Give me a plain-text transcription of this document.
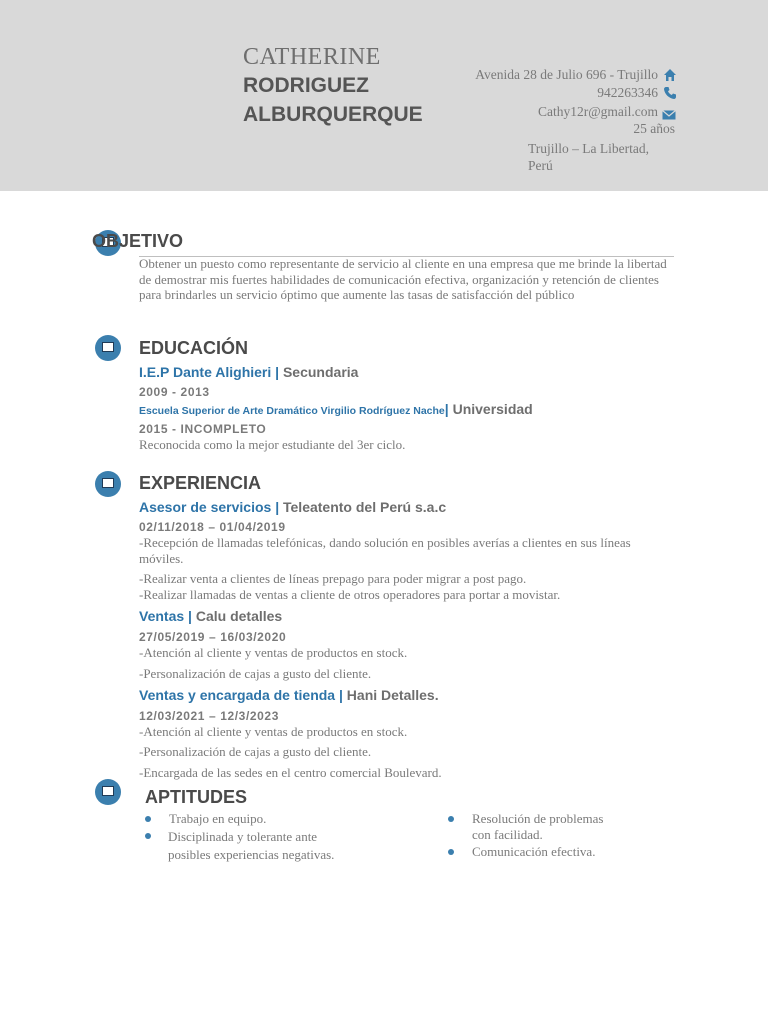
CATHERINE
RODRIGUEZ
ALBURQUERQUE
Avenida 28 de Julio 696 - Trujillo
942263346
Cathy12r@gmail.com
25 años
Trujillo – La Libertad,
Perú
OBJETIVO
Obtener un puesto como representante de servicio al cliente en una empresa que me brinde la libertad de demostrar mis fuertes habilidades de comunicación efectiva, organización y retención de clientes para brindarles un servicio óptimo que aumente las tasas de satisfacción del público
EDUCACIÓN
I.E.P Dante Alighieri | Secundaria
2009 - 2013
Escuela Superior de Arte Dramático Virgilio Rodríguez Nache| Universidad
2015 - INCOMPLETO
Reconocida como la mejor estudiante del 3er ciclo.
EXPERIENCIA
Asesor de servicios | Teleatento del Perú s.a.c
02/11/2018 – 01/04/2019
-Recepción de llamadas telefónicas, dando solución en posibles averías a clientes en sus líneas móviles.
-Realizar venta a clientes de líneas prepago para poder migrar a post pago.
-Realizar llamadas de ventas a cliente de otros operadores para portar a movistar.
Ventas | Calu detalles
27/05/2019 – 16/03/2020
-Atención al cliente y ventas de productos en stock.
-Personalización de cajas a gusto del cliente.
Ventas y encargada de tienda | Hani Detalles.
12/03/2021 – 12/3/2023
-Atención al cliente y ventas de productos en stock.
-Personalización de cajas a gusto del cliente.
-Encargada de las sedes en el centro comercial Boulevard.
APTITUDES
Trabajo en equipo.
Disciplinada y tolerante ante
posibles experiencias negativas.
Resolución de problemas
con facilidad.
Comunicación efectiva.
